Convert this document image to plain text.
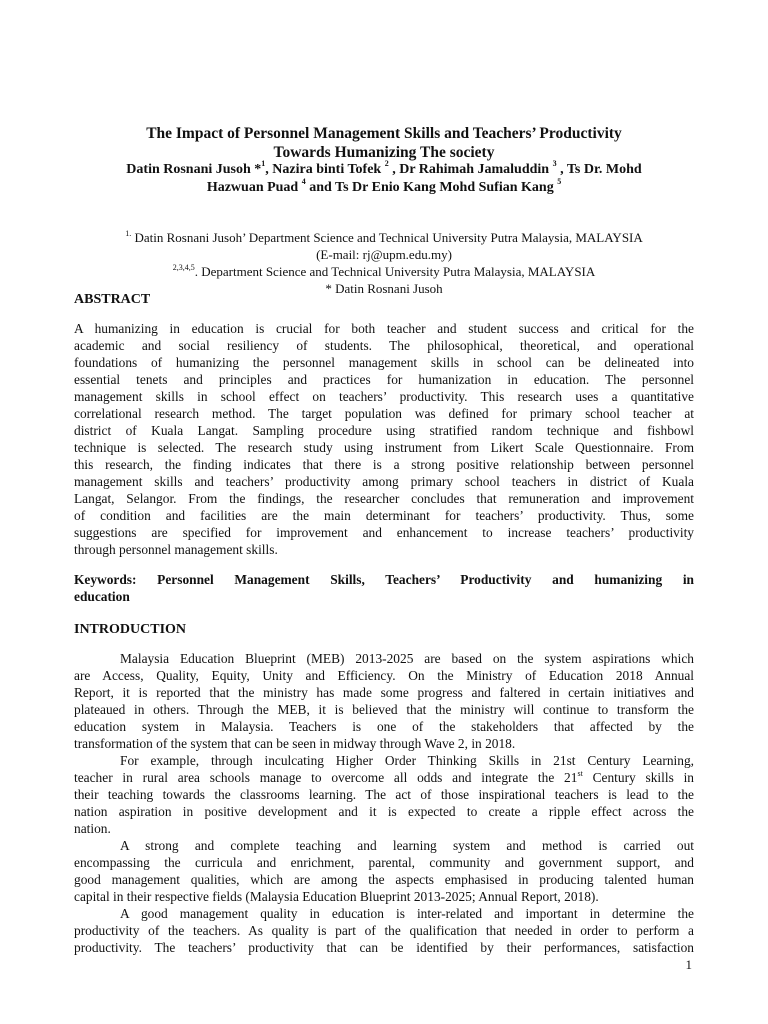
The Impact of Personnel Management Skills and Teachers’ Productivity
Towards Humanizing The society
Datin Rosnani Jusoh *$^1$, Nazira binti Tofek $^2$ , Dr Rahimah Jamaluddin $^3$ , Ts Dr. Mohd
Hazwuan Puad $^4$ and Ts Dr Enio Kang Mohd Sufian Kang $^5$
$^{1.}$ Datin Rosnani Jusoh’ Department Science and Technical University Putra Malaysia, MALAYSIA
(E-mail: rj@upm.edu.my)
$^{2,3,4,5}$. Department Science and Technical University Putra Malaysia, MALAYSIA
* Datin Rosnani Jusoh
ABSTRACT
A humanizing in education is crucial for both teacher and student success and critical for the
academic and social resiliency of students. The philosophical, theoretical, and operational
foundations of humanizing the personnel management skills in school can be delineated into
essential tenets and principles and practices for humanization in education. The personnel
management skills in school effect on teachers’ productivity. This research uses a quantitative
correlational research method. The target population was defined for primary school teacher at
district of Kuala Langat. Sampling procedure using stratified random technique and fishbowl
technique is selected. The research study using instrument from Likert Scale Questionnaire. From
this research, the finding indicates that there is a strong positive relationship between personnel
management skills and teachers’ productivity among primary school teachers in district of Kuala
Langat, Selangor. From the findings, the researcher concludes that remuneration and improvement
of condition and facilities are the main determinant for teachers’ productivity. Thus, some
suggestions are specified for improvement and enhancement to increase teachers’ productivity
through personnel management skills.
Keywords: Personnel Management Skills, Teachers’ Productivity and humanizing in
education
INTRODUCTION
Malaysia Education Blueprint (MEB) 2013-2025 are based on the system aspirations which
are Access, Quality, Equity, Unity and Efficiency. On the Ministry of Education 2018 Annual
Report, it is reported that the ministry has made some progress and faltered in certain initiatives and
plateaued in others. Through the MEB, it is believed that the ministry will continue to transform the
education system in Malaysia. Teachers is one of the stakeholders that affected by the
transformation of the system that can be seen in midway through Wave 2, in 2018.
For example, through inculcating Higher Order Thinking Skills in 21st Century Learning,
teacher in rural area schools manage to overcome all odds and integrate the 21st Century skills in
their teaching towards the classrooms learning. The act of those inspirational teachers is lead to the
nation aspiration in positive development and it is expected to create a ripple effect across the
nation.
A strong and complete teaching and learning system and method is carried out
encompassing the curricula and enrichment, parental, community and government support, and
good management qualities, which are among the aspects emphasised in producing talented human
capital in their respective fields (Malaysia Education Blueprint 2013-2025; Annual Report, 2018).
A good management quality in education is inter-related and important in determine the
productivity of the teachers. As quality is part of the qualification that needed in order to perform a
productivity. The teachers’ productivity that can be identified by their performances, satisfaction
1
